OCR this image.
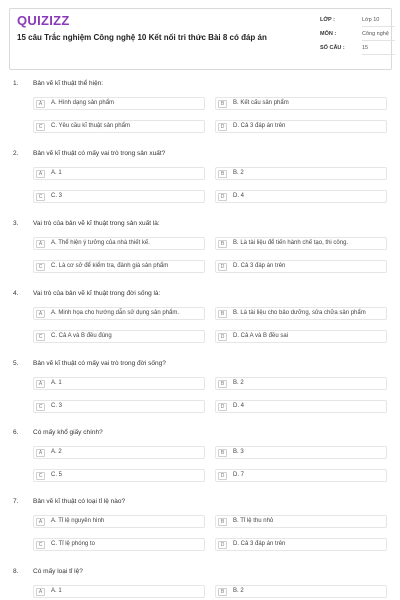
QUIZIZZ
15 câu Trắc nghiệm Công nghệ 10 Kết nối tri thức Bài 8 có đáp án
LỚP :	Lớp 10
MÔN :	Công nghệ
SỐ CÂU :	15
1. Bản vẽ kĩ thuật thể hiện:
A	A. Hình dạng sản phẩm	B	B. Kết cấu sản phẩm
C	C. Yêu cầu kĩ thuật sản phẩm	D	D. Cả 3 đáp án trên
2. Bản vẽ kĩ thuật có mấy vai trò trong sản xuất?
A	A. 1	B	B. 2
C	C. 3	D	D. 4
3. Vai trò của bản vẽ kĩ thuật trong sản xuất là:
A	A. Thể hiện ý tưởng của nhà thiết kế.	B	B. Là tài liệu để tiến hành chế tạo, thi công.
C	C. Là cơ sở để kiểm tra, đánh giá sản phẩm	D	D. Cả 3 đáp án trên
4. Vai trò của bản vẽ kĩ thuật trong đời sống là:
A	A. Minh họa cho hướng dẫn sử dụng sản phẩm.	B	B. Là tài liệu cho bảo dưỡng, sửa chữa sản phẩm
C	C. Cả A và B đều đúng	D	D. Cả A và B đều sai
5. Bản vẽ kĩ thuật có mấy vai trò trong đời sống?
A	A. 1	B	B. 2
C	C. 3	D	D. 4
6. Có mấy khổ giấy chính?
A	A. 2	B	B. 3
C	C. 5	D	D. 7
7. Bản vẽ kĩ thuật có loại tỉ lệ nào?
A	A. Tỉ lệ nguyên hình	B	B. Tỉ lệ thu nhỏ
C	C. Tỉ lệ phóng to	D	D. Cả 3 đáp án trên
8. Có mấy loại tỉ lệ?
A	A. 1	B	B. 2
